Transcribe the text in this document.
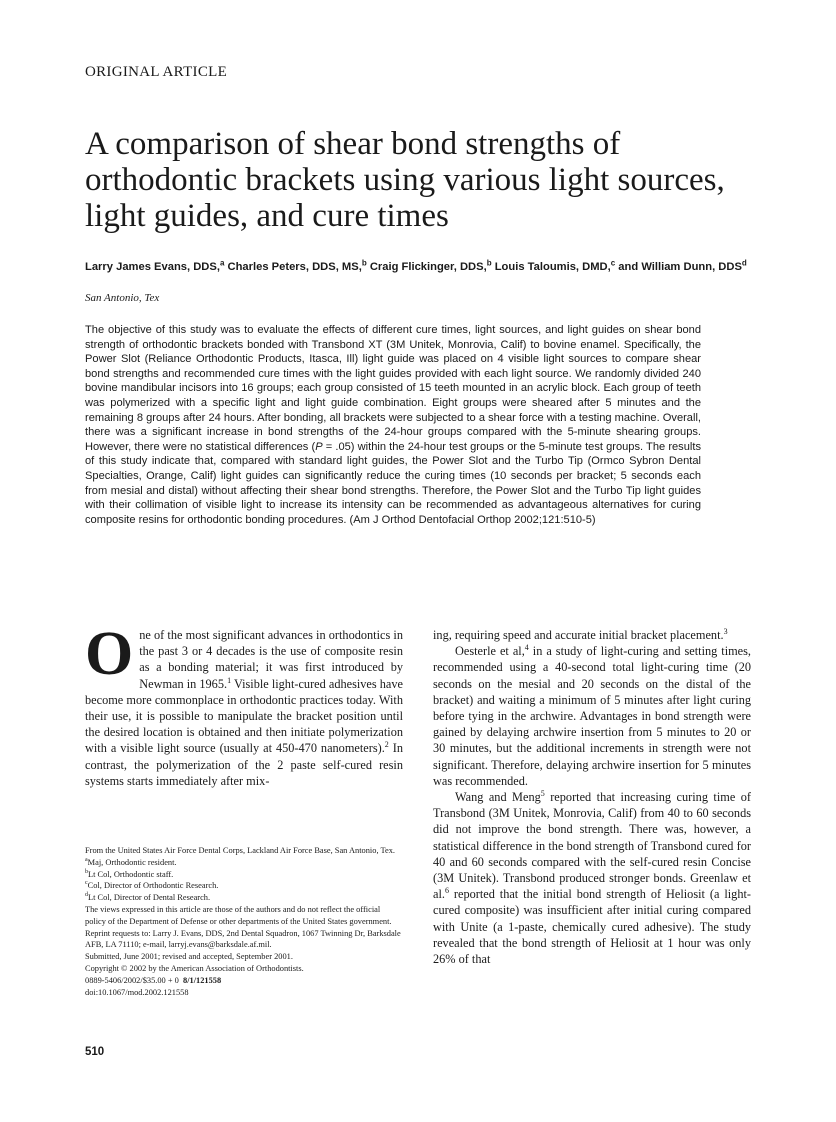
ORIGINAL ARTICLE
A comparison of shear bond strengths of orthodontic brackets using various light sources, light guides, and cure times
Larry James Evans, DDS,$^a$ Charles Peters, DDS, MS,$^b$ Craig Flickinger, DDS,$^b$ Louis Taloumis, DMD,$^c$ and William Dunn, DDS$^d$
San Antonio, Tex

The objective of this study was to evaluate the effects of different cure times, light sources, and light guides on shear bond strength of orthodontic brackets bonded with Transbond XT (3M Unitek, Monrovia, Calif) to bovine enamel. Specifically, the Power Slot (Reliance Orthodontic Products, Itasca, Ill) light guide was placed on 4 visible light sources to compare shear bond strengths and recommended cure times with the light guides provided with each light source. We randomly divided 240 bovine mandibular incisors into 16 groups; each group consisted of 15 teeth mounted in an acrylic block. Each group of teeth was polymerized with a specific light and light guide combination. Eight groups were sheared after 5 minutes and the remaining 8 groups after 24 hours. After bonding, all brackets were subjected to a shear force with a testing machine. Overall, there was a significant increase in bond strengths of the 24-hour groups compared with the 5-minute shearing groups. However, there were no statistical differences (P = .05) within the 24-hour test groups or the 5-minute test groups. The results of this study indicate that, compared with standard light guides, the Power Slot and the Turbo Tip (Ormco Sybron Dental Specialties, Orange, Calif) light guides can significantly reduce the curing times (10 seconds per bracket; 5 seconds each from mesial and distal) without affecting their shear bond strengths. Therefore, the Power Slot and the Turbo Tip light guides with their collimation of visible light to increase its intensity can be recommended as advantageous alternatives for curing composite resins for orthodontic bonding procedures. (Am J Orthod Dentofacial Orthop 2002;121:510-5)

One of the most significant advances in orthodontics in the past 3 or 4 decades is the use of composite resin as a bonding material; it was first introduced by Newman in 1965.$^1$ Visible light-cured adhesives have become more commonplace in orthodontic practices today. With their use, it is possible to manipulate the bracket position until the desired location is obtained and then initiate polymerization with a visible light source (usually at 450-470 nanometers).$^2$ In contrast, the polymerization of the 2 paste self-cured resin systems starts immediately after mix-

From the United States Air Force Dental Corps, Lackland Air Force Base, San Antonio, Tex.
$^a$Maj, Orthodontic resident.
$^b$Lt Col, Orthodontic staff.
$^c$Col, Director of Orthodontic Research.
$^d$Lt Col, Director of Dental Research.
The views expressed in this article are those of the authors and do not reflect the official policy of the Department of Defense or other departments of the United States government.
Reprint requests to: Larry J. Evans, DDS, 2nd Dental Squadron, 1067 Twinning Dr, Barksdale AFB, LA 71110; e-mail, larryj.evans@barksdale.af.mil.
Submitted, June 2001; revised and accepted, September 2001.
Copyright © 2002 by the American Association of Orthodontists.
0889-5406/2002/$35.00 + 0 8/1/121558
doi:10.1067/mod.2002.121558

ing, requiring speed and accurate initial bracket placement.$^3$

Oesterle et al,$^4$ in a study of light-curing and setting times, recommended using a 40-second total light-curing time (20 seconds on the mesial and 20 seconds on the distal of the bracket) and waiting a minimum of 5 minutes after light curing before tying in the archwire. Advantages in bond strength were gained by delaying archwire insertion from 5 minutes to 20 or 30 minutes, but the additional increments in strength were not significant. Therefore, delaying archwire insertion for 5 minutes was recommended.

Wang and Meng$^5$ reported that increasing curing time of Transbond (3M Unitek, Monrovia, Calif) from 40 to 60 seconds did not improve the bond strength. There was, however, a statistical difference in the bond strength of Transbond cured for 40 and 60 seconds compared with the self-cured resin Concise (3M Unitek). Transbond produced stronger bonds. Greenlaw et al.$^6$ reported that the initial bond strength of Heliosit (a light-cured composite) was insufficient after initial curing compared with Unite (a 1-paste, chemically cured adhesive). The study revealed that the bond strength of Heliosit at 1 hour was only 26% of that

510
